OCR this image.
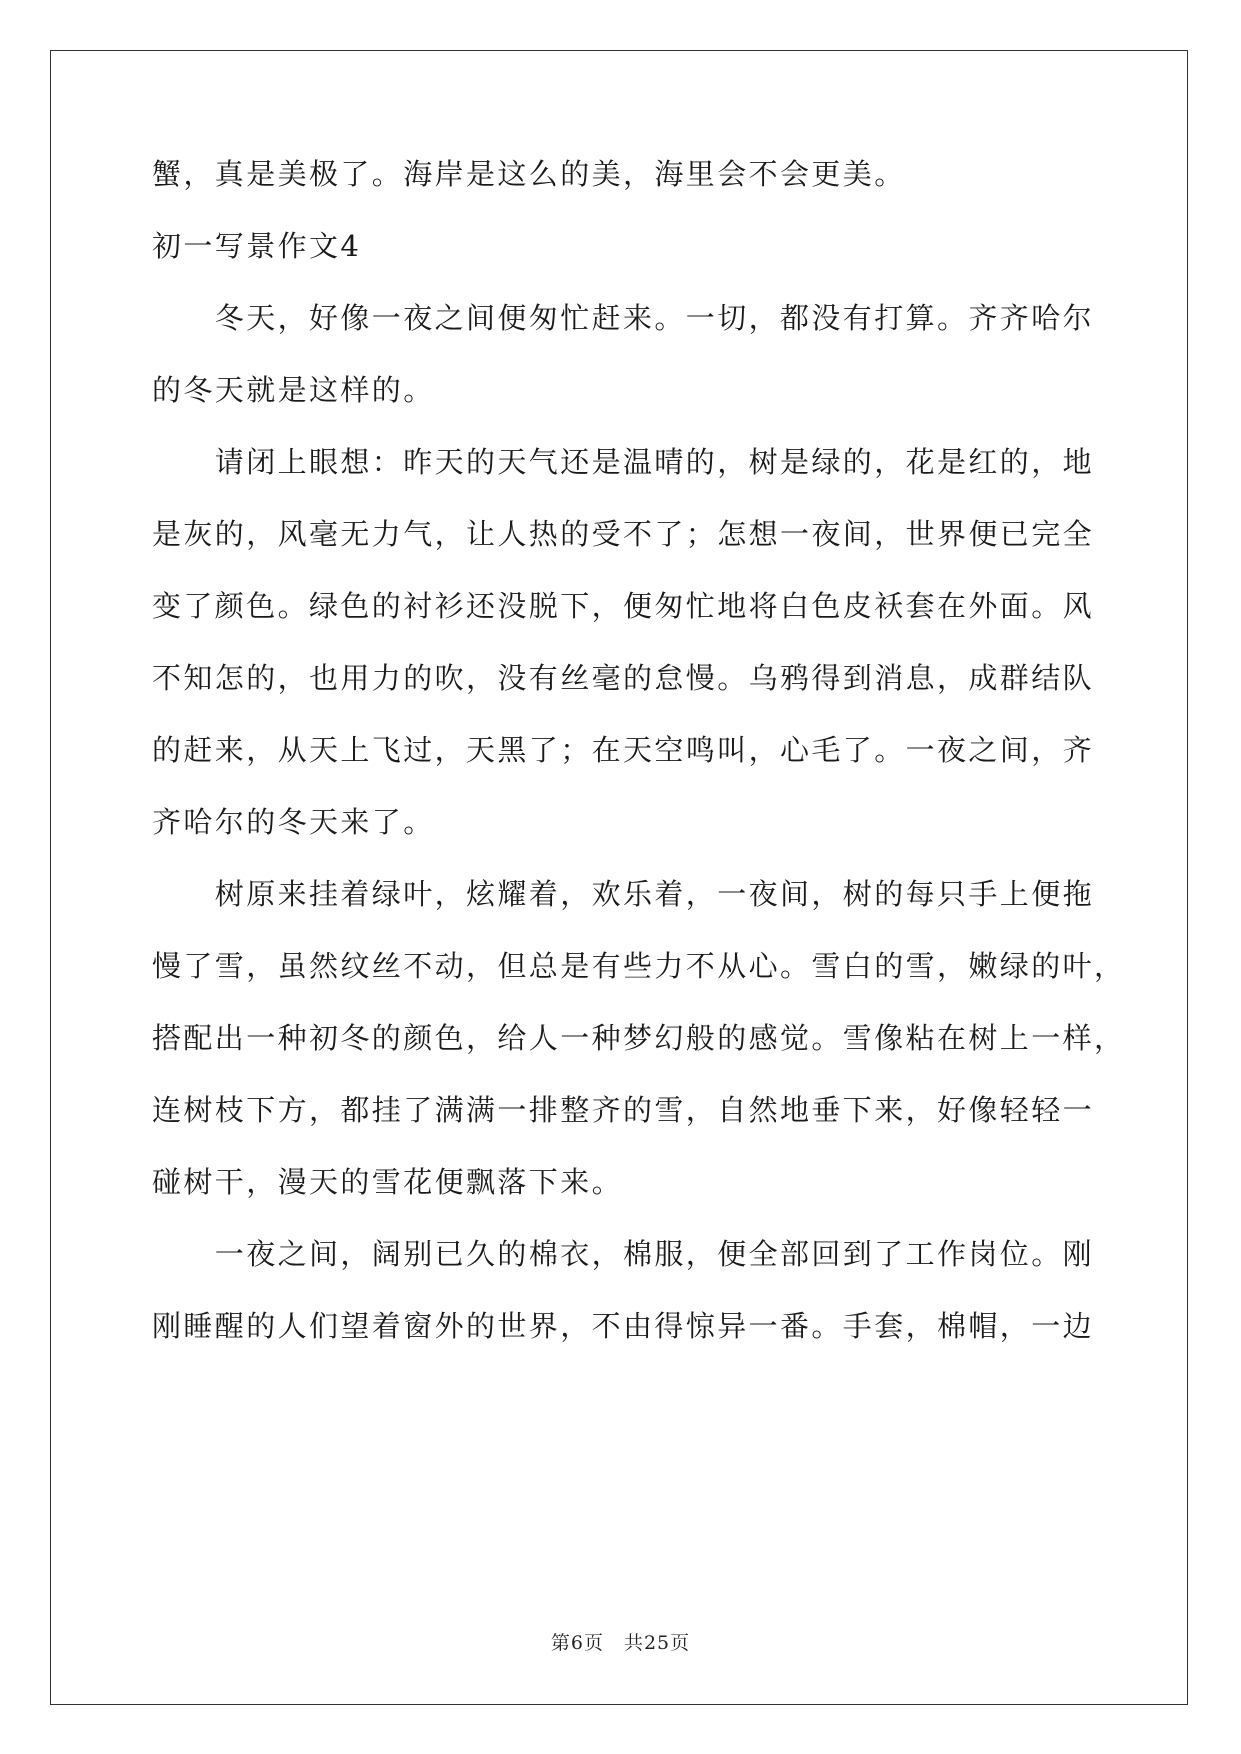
蟹，真是美极了。海岸是这么的美，海里会不会更美。
初一写景作文4
　　冬天，好像一夜之间便匆忙赶来。一切，都没有打算。齐齐哈尔
的冬天就是这样的。
　　请闭上眼想：昨天的天气还是温晴的，树是绿的，花是红的，地
是灰的，风毫无力气，让人热的受不了；怎想一夜间，世界便已完全
变了颜色。绿色的衬衫还没脱下，便匆忙地将白色皮袄套在外面。风
不知怎的，也用力的吹，没有丝毫的怠慢。乌鸦得到消息，成群结队
的赶来，从天上飞过，天黑了；在天空鸣叫，心毛了。一夜之间，齐
齐哈尔的冬天来了。
　　树原来挂着绿叶，炫耀着，欢乐着，一夜间，树的每只手上便拖
慢了雪，虽然纹丝不动，但总是有些力不从心。雪白的雪，嫩绿的叶，
搭配出一种初冬的颜色，给人一种梦幻般的感觉。雪像粘在树上一样，
连树枝下方，都挂了满满一排整齐的雪，自然地垂下来，好像轻轻一
碰树干，漫天的雪花便飘落下来。
　　一夜之间，阔别已久的棉衣，棉服，便全部回到了工作岗位。刚
刚睡醒的人们望着窗外的世界，不由得惊异一番。手套，棉帽，一边
第6页　共25页
